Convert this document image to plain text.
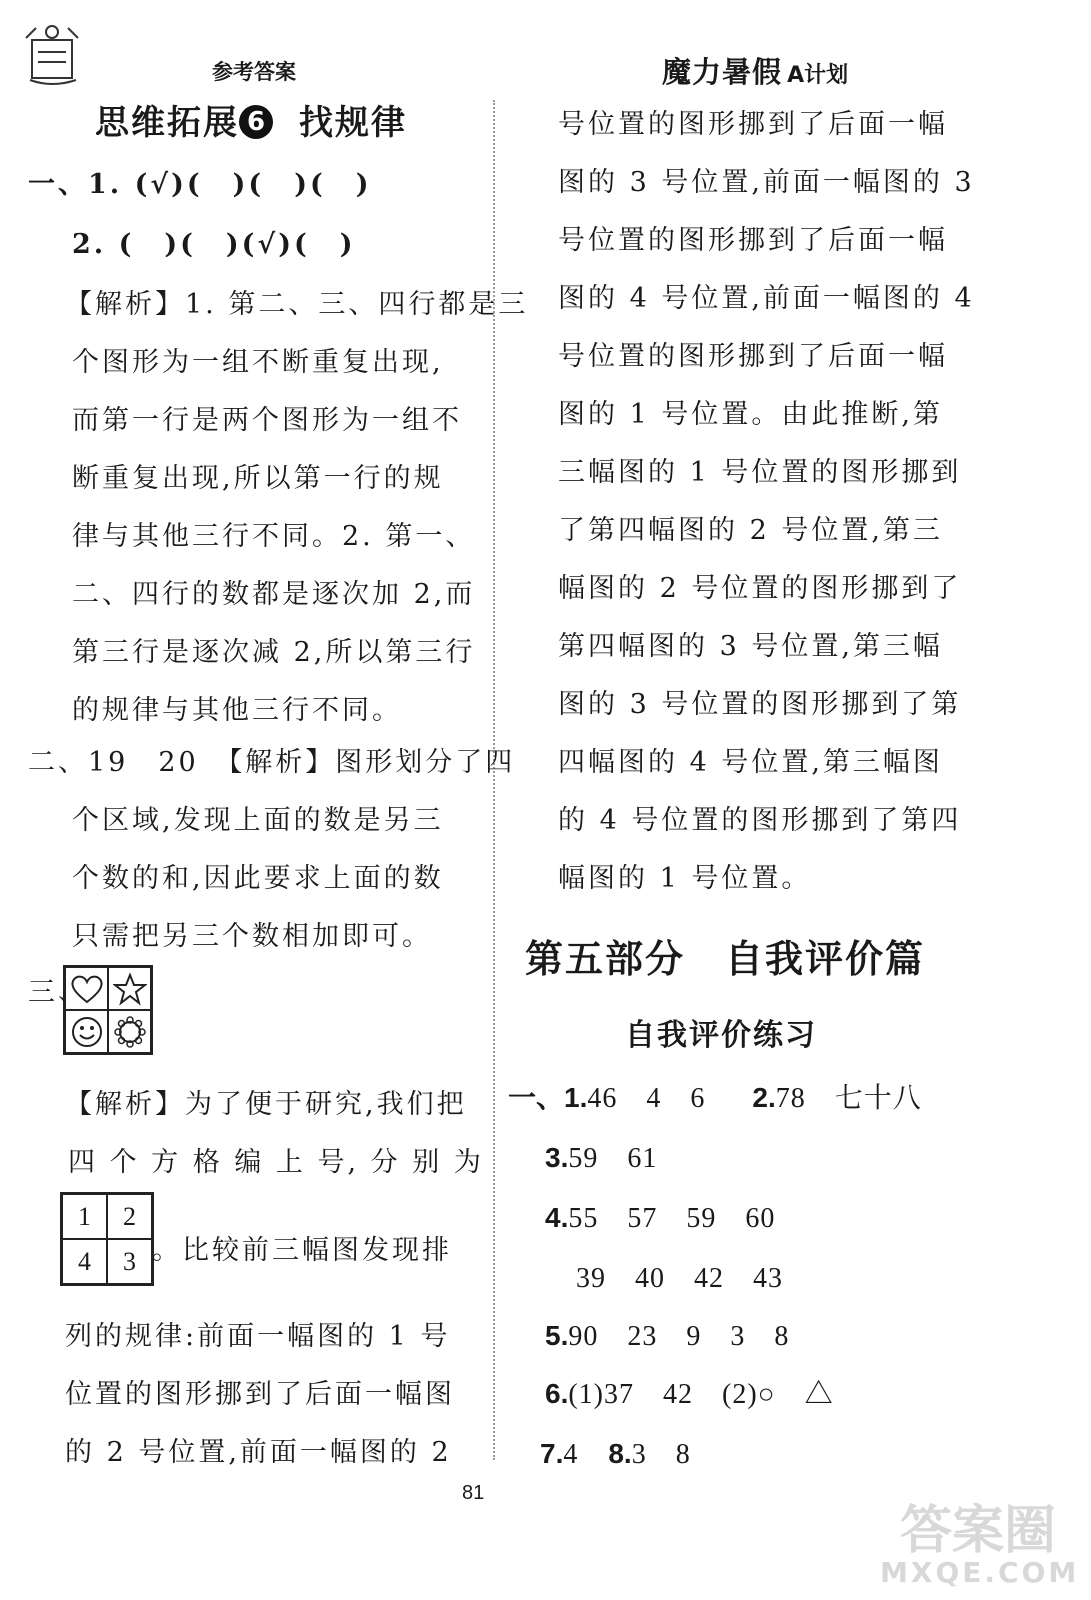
参考答案	魔力暑假 A计划
思维拓展 6 找规律
一、1. (√)(　)(　)(　)
2. (　)(　)(√)(　)
【解析】1. 第二、三、四行都是三
个图形为一组不断重复出现,
而第一行是两个图形为一组不
断重复出现,所以第一行的规
律与其他三行不同。2. 第一、
二、四行的数都是逐次加 2,而
第三行是逐次减 2,所以第三行
的规律与其他三行不同。
二、19　20　【解析】图形划分了四
个区域,发现上面的数是另三
个数的和,因此要求上面的数
只需把另三个数相加即可。
三、
【解析】为了便于研究,我们把
四 个 方 格 编 上 号, 分 别 为
1	2
4	3 。比较前三幅图发现排
列的规律:前面一幅图的 1 号
位置的图形挪到了后面一幅图
的 2 号位置,前面一幅图的 2
号位置的图形挪到了后面一幅
图的 3 号位置,前面一幅图的 3
号位置的图形挪到了后面一幅
图的 4 号位置,前面一幅图的 4
号位置的图形挪到了后面一幅
图的 1 号位置。由此推断,第
三幅图的 1 号位置的图形挪到
了第四幅图的 2 号位置,第三
幅图的 2 号位置的图形挪到了
第四幅图的 3 号位置,第三幅
图的 3 号位置的图形挪到了第
四幅图的 4 号位置,第三幅图
的 4 号位置的图形挪到了第四
幅图的 1 号位置。
第五部分　自我评价篇
自我评价练习
一、1.46　4　6　2.78　七十八
3.59　61
4.55　57　59　60
39　40　42　43
5.90　23　9　3　8
6.(1)37　42　(2)○　△
7.4 8.3　8
81
答案圈
MXQE.COM
